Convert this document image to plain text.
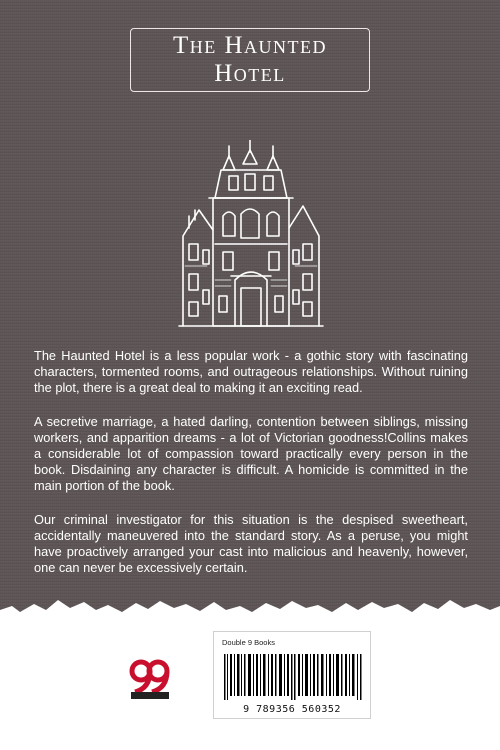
The Haunted
Hotel

The Haunted Hotel is a less popular work - a gothic story with fascinating characters, tormented rooms, and outrageous relationships. Without ruining the plot, there is a great deal to making it an exciting read.

A secretive marriage, a hated darling, contention between siblings, missing workers, and apparition dreams - a lot of Victorian goodness!Collins makes a considerable lot of compassion toward practically every person in the book. Disdaining any character is difficult. A homicide is committed in the main portion of the book.

Our criminal investigator for this situation is the despised sweetheart, accidentally maneuvered into the standard story. As a peruse, you might have proactively arranged your cast into malicious and heavenly, however, one can never be excessively certain.

Double 9 Books
9 789356 560352
